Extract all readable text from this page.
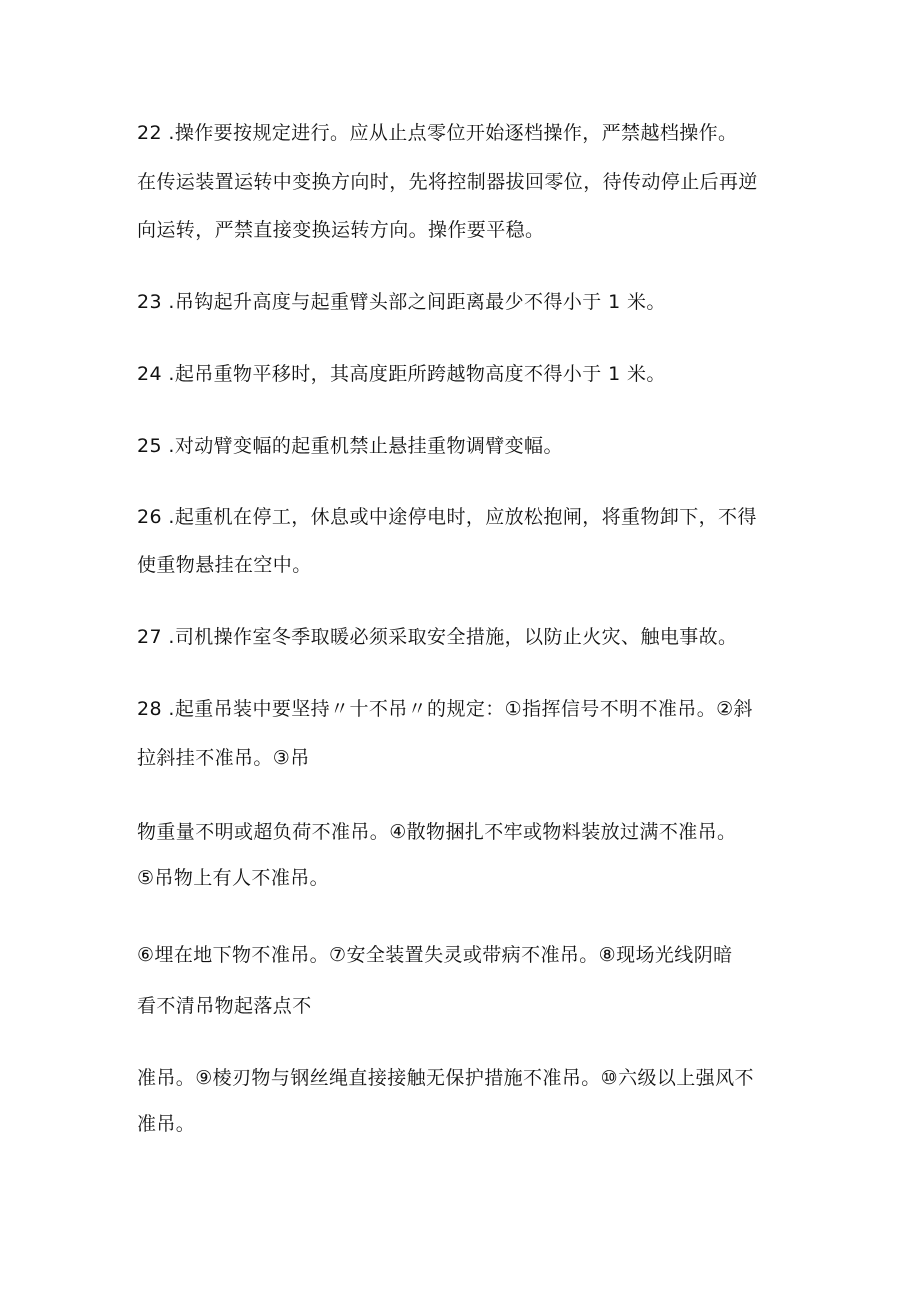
22 .操作要按规定进行。应从止点零位开始逐档操作，严禁越档操作。
在传运装置运转中变换方向时，先将控制器拔回零位，待传动停止后再逆
向运转，严禁直接变换运转方向。操作要平稳。
23 .吊钩起升高度与起重臂头部之间距离最少不得小于 1 米。
24 .起吊重物平移时，其高度距所跨越物高度不得小于 1 米。
25 .对动臂变幅的起重机禁止悬挂重物调臂变幅。
26 .起重机在停工，休息或中途停电时，应放松抱闸，将重物卸下，不得
使重物悬挂在空中。
27 .司机操作室冬季取暖必须采取安全措施，以防止火灾、触电事故。
28 .起重吊装中要坚持〃十不吊〃的规定：①指挥信号不明不准吊。②斜
拉斜挂不准吊。③吊
物重量不明或超负荷不准吊。④散物捆扎不牢或物料装放过满不准吊。
⑤吊物上有人不准吊。
⑥埋在地下物不准吊。⑦安全装置失灵或带病不准吊。⑧现场光线阴暗
看不清吊物起落点不
准吊。⑨棱刃物与钢丝绳直接接触无保护措施不准吊。⑩六级以上强风不
准吊。
